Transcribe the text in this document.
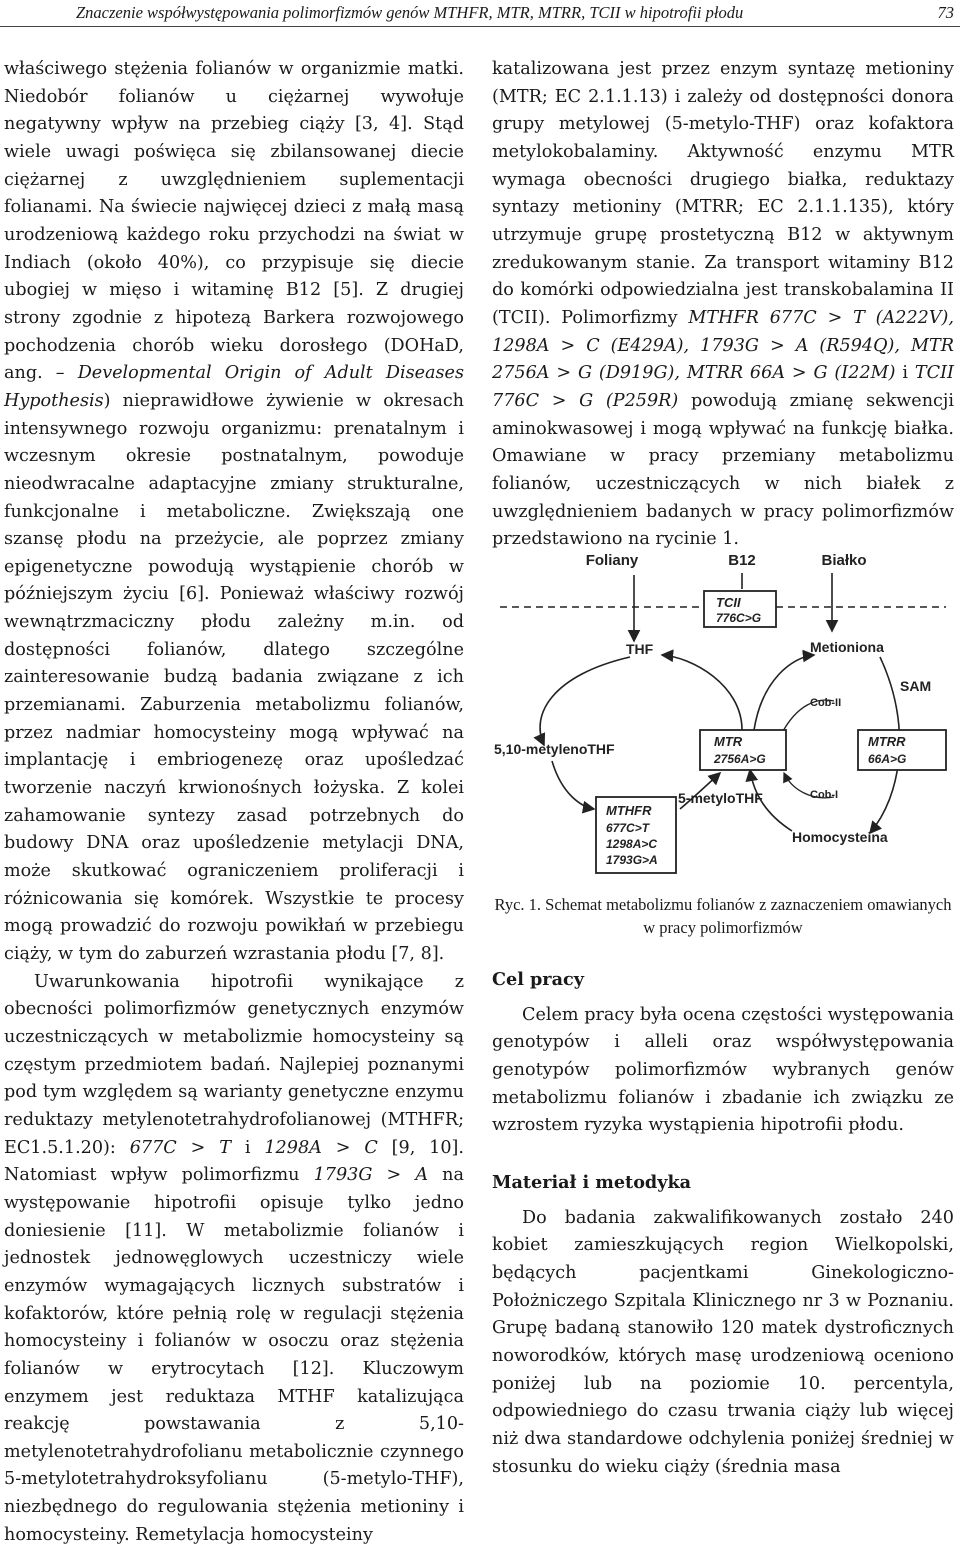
Znaczenie współwystępowania polimorfizmów genów MTHFR, MTR, MTRR, TCII w hipotrofii płodu	73

właściwego stężenia folianów w organizmie matki. Niedobór folianów u ciężarnej wywołuje negatywny wpływ na przebieg ciąży [3, 4]. Stąd wiele uwagi poświęca się zbilansowanej diecie ciężarnej z uwzględnieniem suplementacji folianami. Na świecie najwięcej dzieci z małą masą urodzeniową każdego roku przychodzi na świat w Indiach (około 40%), co przypisuje się diecie ubogiej w mięso i witaminę B12 [5]. Z drugiej strony zgodnie z hipotezą Barkera rozwojowego pochodzenia chorób wieku dorosłego (DOHaD, ang. – Developmental Origin of Adult Diseases Hypothesis) nieprawidłowe żywienie w okresach intensywnego rozwoju organizmu: prenatalnym i wczesnym okresie postnatalnym, powoduje nieodwracalne adaptacyjne zmiany strukturalne, funkcjonalne i metaboliczne. Zwiększają one szansę płodu na przeżycie, ale poprzez zmiany epigenetyczne powodują wystąpienie chorób w późniejszym życiu [6]. Ponieważ właściwy rozwój wewnątrzmaciczny płodu zależny m.in. od dostępności folianów, dlatego szczególne zainteresowanie budzą badania związane z ich przemianami. Zaburzenia metabolizmu folianów, przez nadmiar homocysteiny mogą wpływać na implantację i embriogenezę oraz upośledzać tworzenie naczyń krwionośnych łożyska. Z kolei zahamowanie syntezy zasad potrzebnych do budowy DNA oraz upośledzenie metylacji DNA, może skutkować ograniczeniem proliferacji i różnicowania się komórek. Wszystkie te procesy mogą prowadzić do rozwoju powikłań w przebiegu ciąży, w tym do zaburzeń wzrastania płodu [7, 8].

Uwarunkowania hipotrofii wynikające z obecności polimorfizmów genetycznych enzymów uczestniczących w metabolizmie homocysteiny są częstym przedmiotem badań. Najlepiej poznanymi pod tym względem są warianty genetyczne enzymu reduktazy metylenotetrahydrofolianowej (MTHFR; EC1.5.1.20): 677C > T i 1298A > C [9, 10]. Natomiast wpływ polimorfizmu 1793G > A na występowanie hipotrofii opisuje tylko jedno doniesienie [11]. W metabolizmie folianów i jednostek jednowęglowych uczestniczy wiele enzymów wymagających licznych substratów i kofaktorów, które pełnią rolę w regulacji stężenia homocysteiny i folianów w osoczu oraz stężenia folianów w erytrocytach [12]. Kluczowym enzymem jest reduktaza MTHF katalizująca reakcję powstawania z 5,10-metylenotetrahydrofolianu metabolicznie czynnego 5-metylotetrahydroksyfolianu (5-metylo-THF), niezbędnego do regulowania stężenia metioniny i homocysteiny. Remetylacja homocysteiny

katalizowana jest przez enzym syntazę metioniny (MTR; EC 2.1.1.13) i zależy od dostępności donora grupy metylowej (5-metylo-THF) oraz kofaktora metylokobalaminy. Aktywność enzymu MTR wymaga obecności drugiego białka, reduktazy syntazy metioniny (MTRR; EC 2.1.1.135), który utrzymuje grupę prostetyczną B12 w aktywnym zredukowanym stanie. Za transport witaminy B12 do komórki odpowiedzialna jest transkobalamina II (TCII). Polimorfizmy MTHFR 677C > T (A222V), 1298A > C (E429A), 1793G > A (R594Q), MTR 2756A > G (D919G), MTRR 66A > G (I22M) i TCII 776C > G (P259R) powodują zmianę sekwencji aminokwasowej i mogą wpływać na funkcję białka. Omawiane w pracy przemiany metabolizmu folianów, uczestniczących w nich białek z uwzględnieniem badanych w pracy polimorfizmów przedstawiono na rycinie 1.

Foliany	B12	Białko
TCII
776C>G
THF	Metioniona
SAM
Cob-II
Cob-I
5,10-metylenoTHF	MTR
2756A>G
MTRR
66A>G
5-metyloTHF
MTHFR
677C>T
1298A>C
1793G>A
Homocysteina
Ryc. 1. Schemat metabolizmu folianów z zaznaczeniem omawianych w pracy polimorfizmów

Cel pracy

Celem pracy była ocena częstości występowania genotypów i alleli oraz współwystępowania genotypów polimorfizmów wybranych genów metabolizmu folianów i zbadanie ich związku ze wzrostem ryzyka wystąpienia hipotrofii płodu.

Materiał i metodyka

Do badania zakwalifikowanych zostało 240 kobiet zamieszkujących region Wielkopolski, będących pacjentkami Ginekologiczno-Położniczego Szpitala Klinicznego nr 3 w Poznaniu. Grupę badaną stanowiło 120 matek dystroficznych noworodków, których masę urodzeniową oceniono poniżej lub na poziomie 10. percentyla, odpowiedniego do czasu trwania ciąży lub więcej niż dwa standardowe odchylenia poniżej średniej w stosunku do wieku ciąży (średnia masa
